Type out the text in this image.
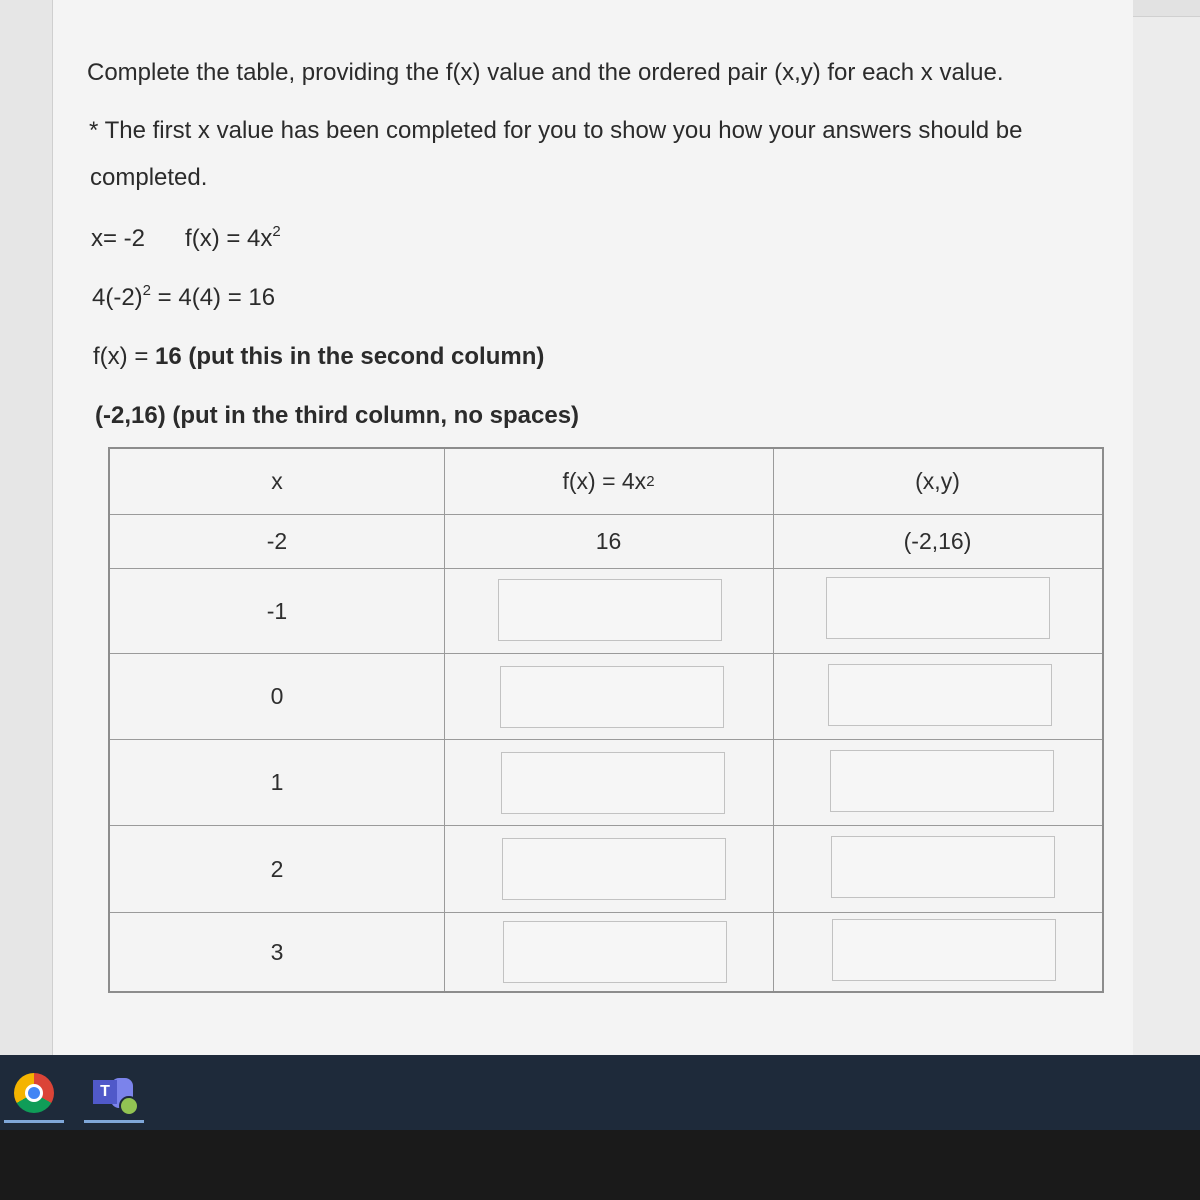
Complete the table, providing the f(x) value and the ordered pair (x,y) for each x value.
* The first x value has been completed for you to show you how your answers should be
completed.
x= -2 $f(x) = 4x^2$
$4(-2)^2 = 4(4) = 16$
f(x) = 16 (put this in the second column)
(-2,16) (put in the third column, no spaces)
x	f(x) = 4x 2	(x,y)
-2	16	(-2,16)
-1
0
1
2
3
T
